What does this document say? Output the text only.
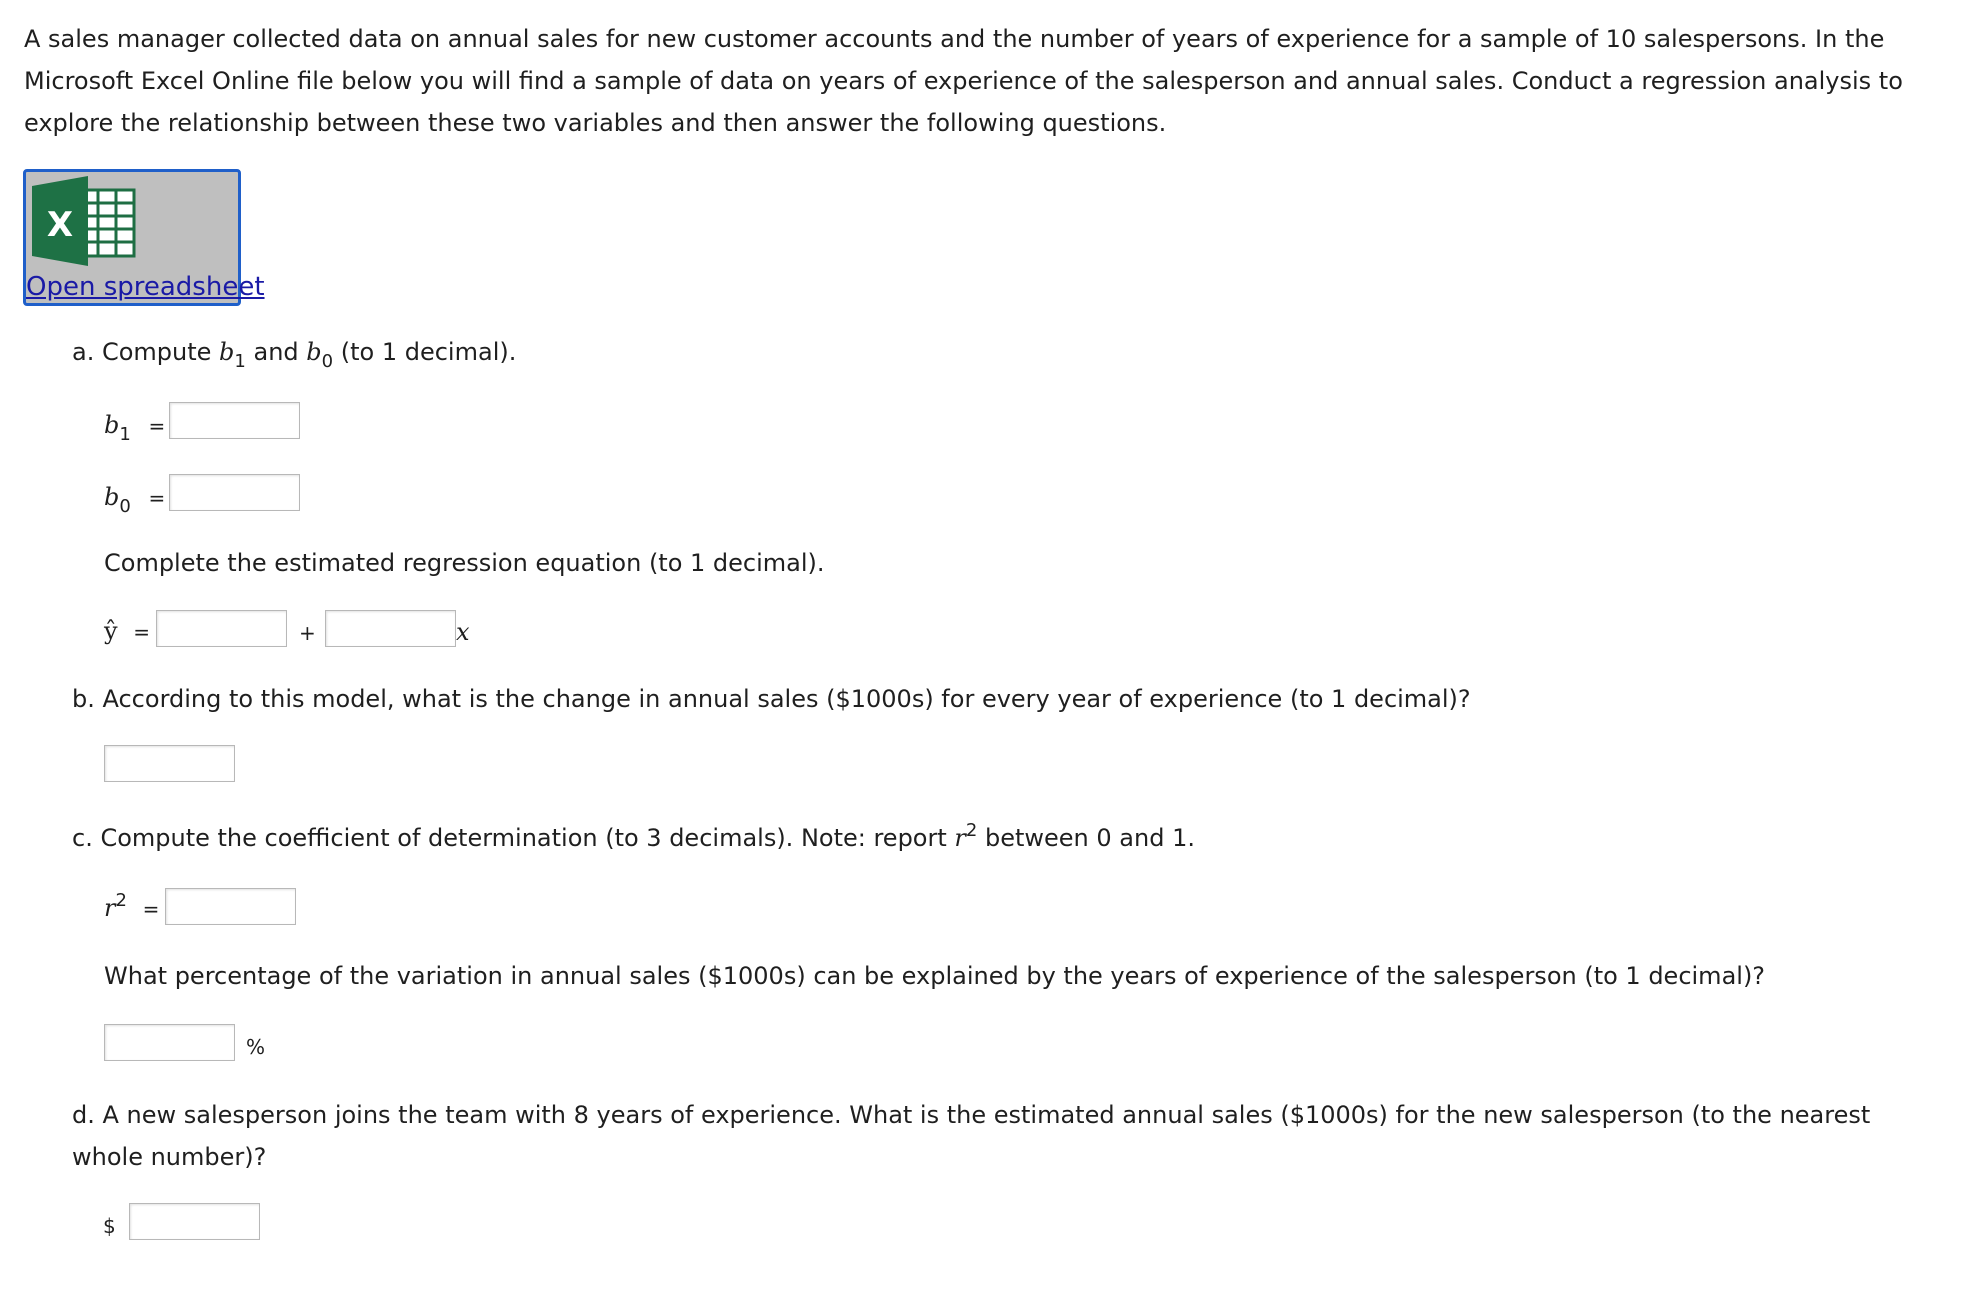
A sales manager collected data on annual sales for new customer accounts and the number of years of experience for a sample of 10 salespersons. In the Microsoft Excel Online file below you will find a sample of data on years of experience of the salesperson and annual sales. Conduct a regression analysis to explore the relationship between these two variables and then answer the following questions.
X
Open spreadsheet
a. Compute $b_1$ and $b_0$ (to 1 decimal).
$b_1$ =
$b_0$ =
Complete the estimated regression equation (to 1 decimal).
ŷ =	+	x
b. According to this model, what is the change in annual sales ($1000s) for every year of experience (to 1 decimal)?
c. Compute the coefficient of determination (to 3 decimals). Note: report $r^2$ between 0 and 1.
$r^2$ =
What percentage of the variation in annual sales ($1000s) can be explained by the years of experience of the salesperson (to 1 decimal)?
%
d. A new salesperson joins the team with 8 years of experience. What is the estimated annual sales ($1000s) for the new salesperson (to the nearest whole number)?
$
